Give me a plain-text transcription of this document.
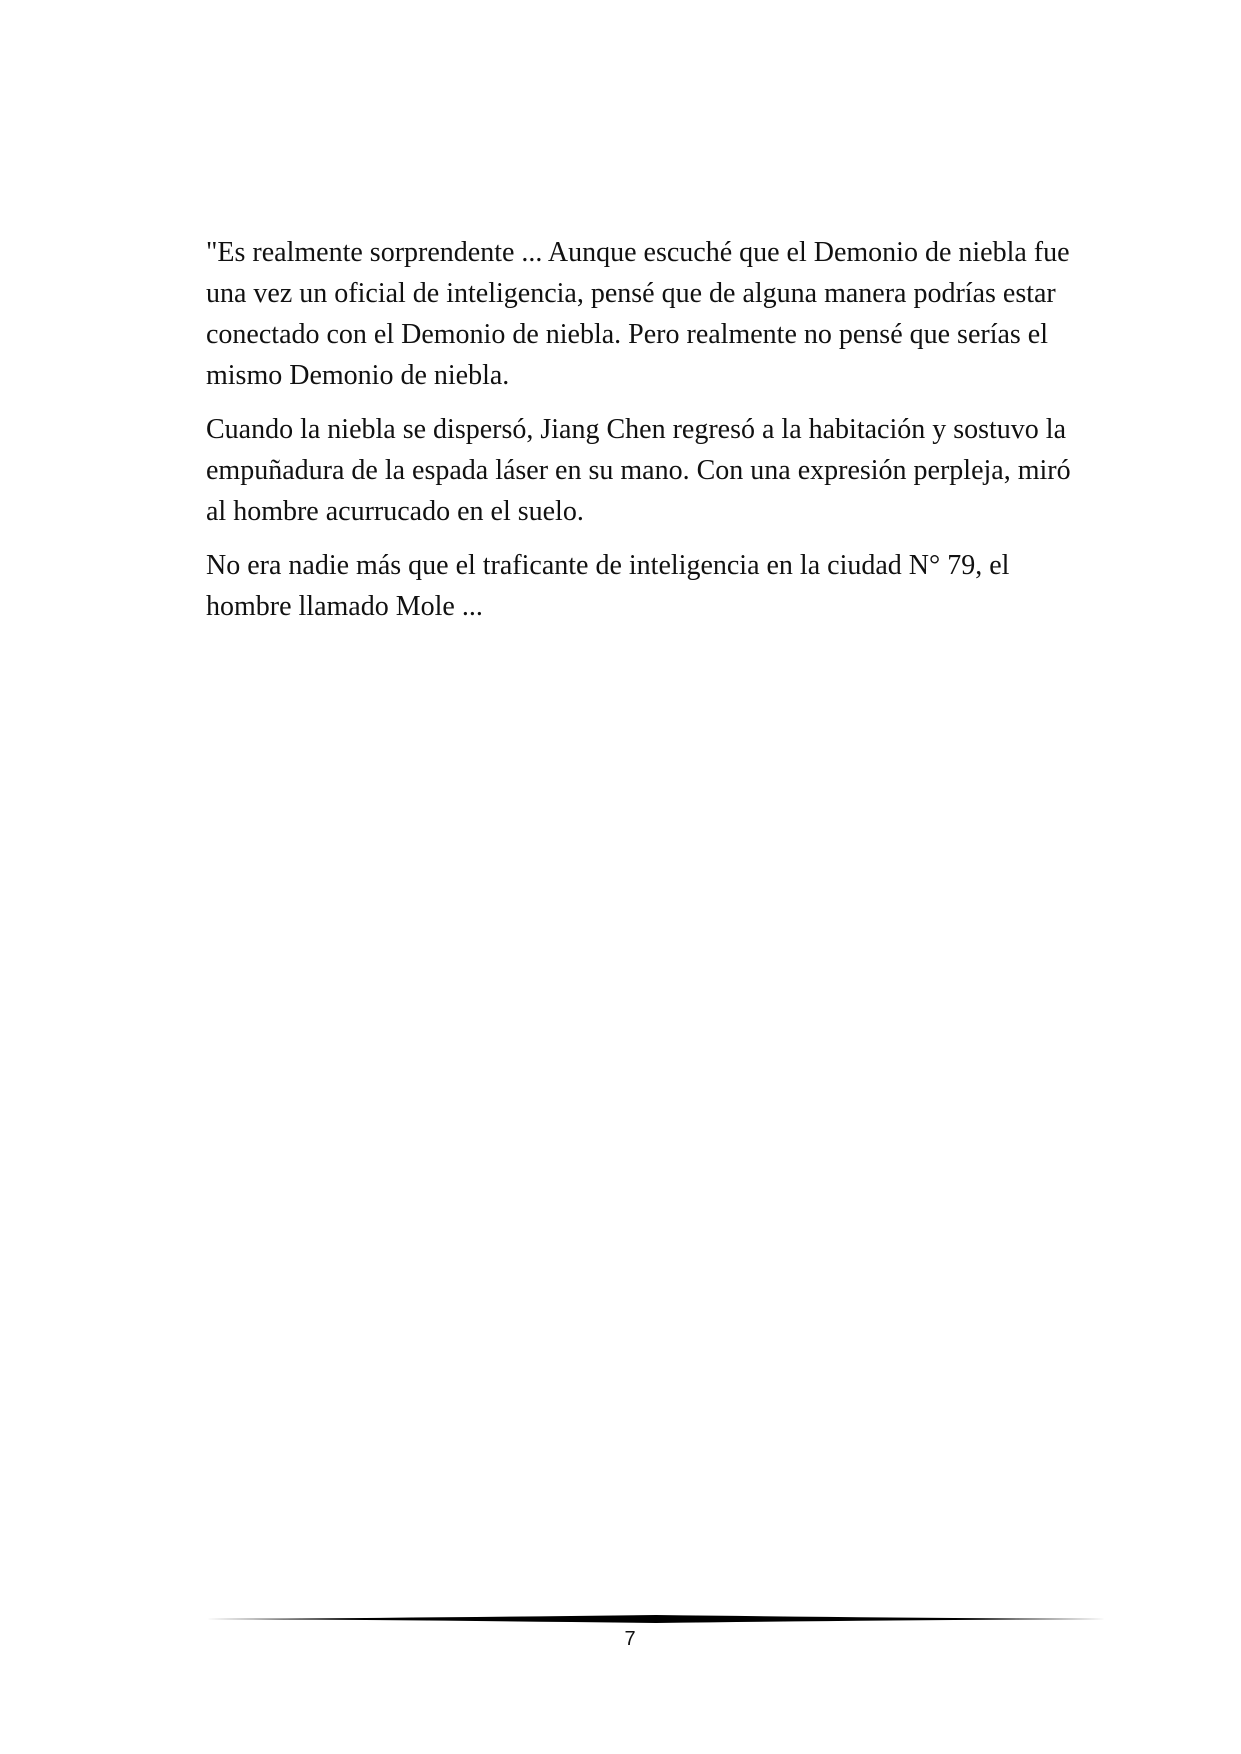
"Es realmente sorprendente ... Aunque escuché que el Demonio de niebla fue una vez un oficial de inteligencia, pensé que de alguna manera podrías estar conectado con el Demonio de niebla. Pero realmente no pensé que serías el mismo Demonio de niebla.

Cuando la niebla se dispersó, Jiang Chen regresó a la habitación y sostuvo la empuñadura de la espada láser en su mano. Con una expresión perpleja, miró al hombre acurrucado en el suelo.

No era nadie más que el traficante de inteligencia en la ciudad N° 79, el hombre llamado Mole ...

7
